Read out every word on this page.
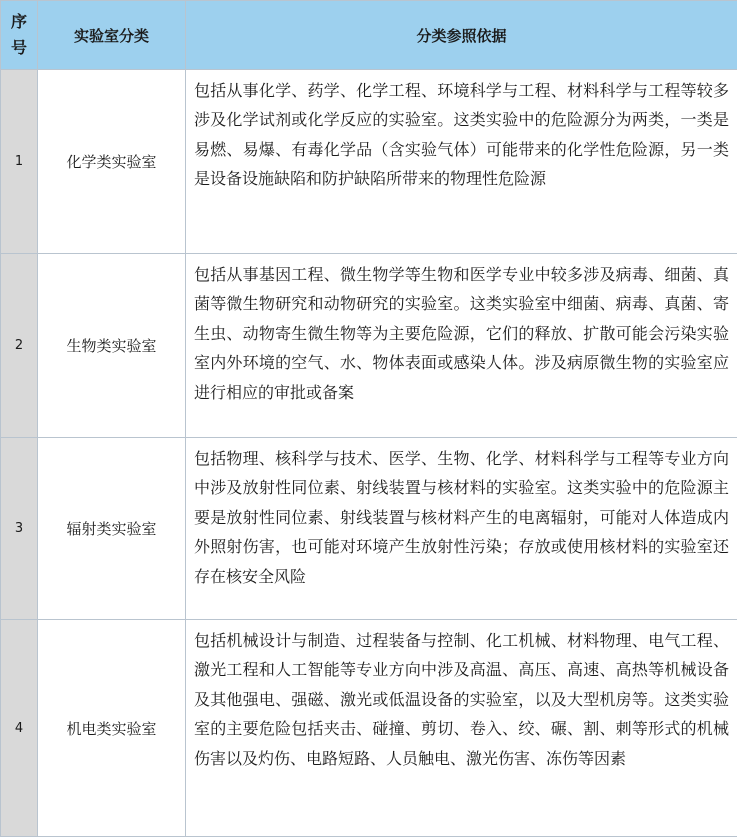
序号	实验室分类	分类参照依据
1	化学类实验室	包括从事化学、药学、化学工程、环境科学与工程、材料科学与工程等较多涉及化学试剂或化学反应的实验室。这类实验中的危险源分为两类，一类是易燃、易爆、有毒化学品（含实验气体）可能带来的化学性危险源，另一类是设备设施缺陷和防护缺陷所带来的物理性危险源
2	生物类实验室	包括从事基因工程、微生物学等生物和医学专业中较多涉及病毒、细菌、真菌等微生物研究和动物研究的实验室。这类实验室中细菌、病毒、真菌、寄生虫、动物寄生微生物等为主要危险源，它们的释放、扩散可能会污染实验室内外环境的空气、水、物体表面或感染人体。涉及病原微生物的实验室应进行相应的审批或备案
3	辐射类实验室	包括物理、核科学与技术、医学、生物、化学、材料科学与工程等专业方向中涉及放射性同位素、射线装置与核材料的实验室。这类实验中的危险源主要是放射性同位素、射线装置与核材料产生的电离辐射，可能对人体造成内外照射伤害，也可能对环境产生放射性污染；存放或使用核材料的实验室还存在核安全风险
4	机电类实验室	包括机械设计与制造、过程装备与控制、化工机械、材料物理、电气工程、激光工程和人工智能等专业方向中涉及高温、高压、高速、高热等机械设备及其他强电、强磁、激光或低温设备的实验室，以及大型机房等。这类实验室的主要危险包括夹击、碰撞、剪切、卷入、绞、碾、割、刺等形式的机械伤害以及灼伤、电路短路、人员触电、激光伤害、冻伤等因素
